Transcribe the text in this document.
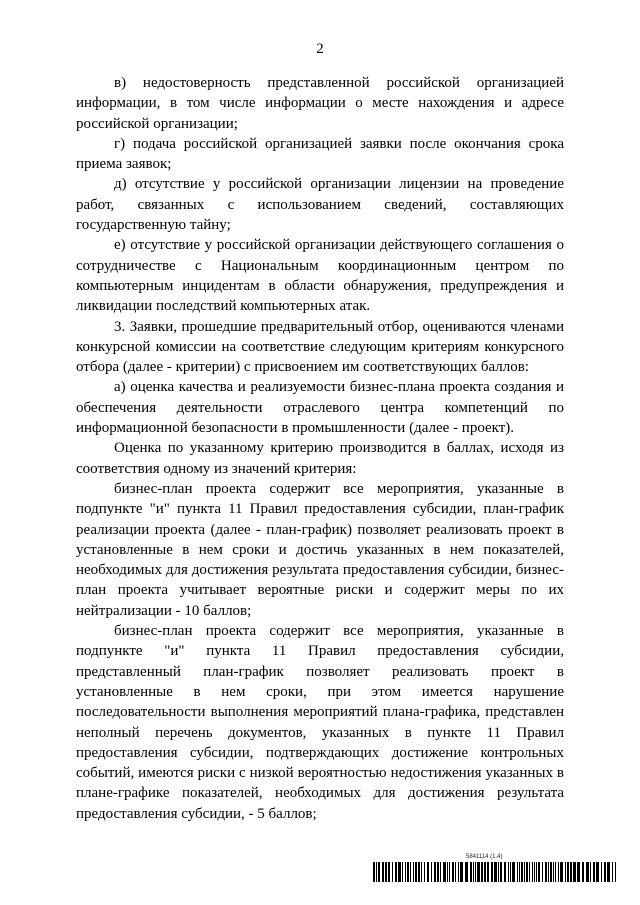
2

в) недостоверность представленной российской организацией информации, в том числе информации о месте нахождения и адресе российской организации;

г) подача российской организацией заявки после окончания срока приема заявок;

д) отсутствие у российской организации лицензии на проведение работ, связанных с использованием сведений, составляющих государственную тайну;

е) отсутствие у российской организации действующего соглашения о сотрудничестве с Национальным координационным центром по компьютерным инцидентам в области обнаружения, предупреждения и ликвидации последствий компьютерных атак.

3. Заявки, прошедшие предварительный отбор, оцениваются членами конкурсной комиссии на соответствие следующим критериям конкурсного отбора (далее - критерии) с присвоением им соответствующих баллов:

а) оценка качества и реализуемости бизнес-плана проекта создания и обеспечения деятельности отраслевого центра компетенций по информационной безопасности в промышленности (далее - проект).

Оценка по указанному критерию производится в баллах, исходя из соответствия одному из значений критерия:

бизнес-план проекта содержит все мероприятия, указанные в подпункте "и" пункта 11 Правил предоставления субсидии, план-график реализации проекта (далее - план-график) позволяет реализовать проект в установленные в нем сроки и достичь указанных в нем показателей, необходимых для достижения результата предоставления субсидии, бизнес-план проекта учитывает вероятные риски и содержит меры по их нейтрализации - 10 баллов;

бизнес-план проекта содержит все мероприятия, указанные в подпункте "и" пункта 11 Правил предоставления субсидии, представленный план-график позволяет реализовать проект в установленные в нем сроки, при этом имеется нарушение последовательности выполнения мероприятий плана-графика, представлен неполный перечень документов, указанных в пункте 11 Правил предоставления субсидии, подтверждающих достижение контрольных событий, имеются риски с низкой вероятностью недостижения указанных в плане-графике показателей, необходимых для достижения результата предоставления субсидии, - 5 баллов;

5841114 (1.4)
